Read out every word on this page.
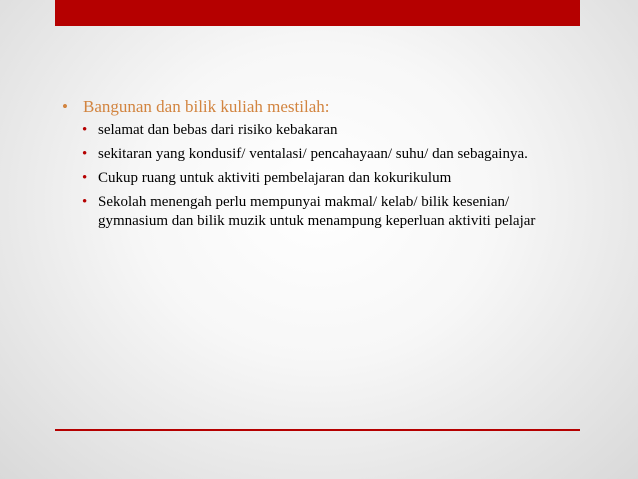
• Bangunan dan bilik kuliah mestilah:
• selamat dan bebas dari risiko kebakaran
• sekitaran yang kondusif/ ventalasi/ pencahayaan/ suhu/ dan sebagainya.
• Cukup ruang untuk aktiviti pembelajaran dan kokurikulum
• Sekolah menengah perlu mempunyai makmal/ kelab/ bilik kesenian/ gymnasium dan bilik muzik untuk menampung keperluan aktiviti pelajar
